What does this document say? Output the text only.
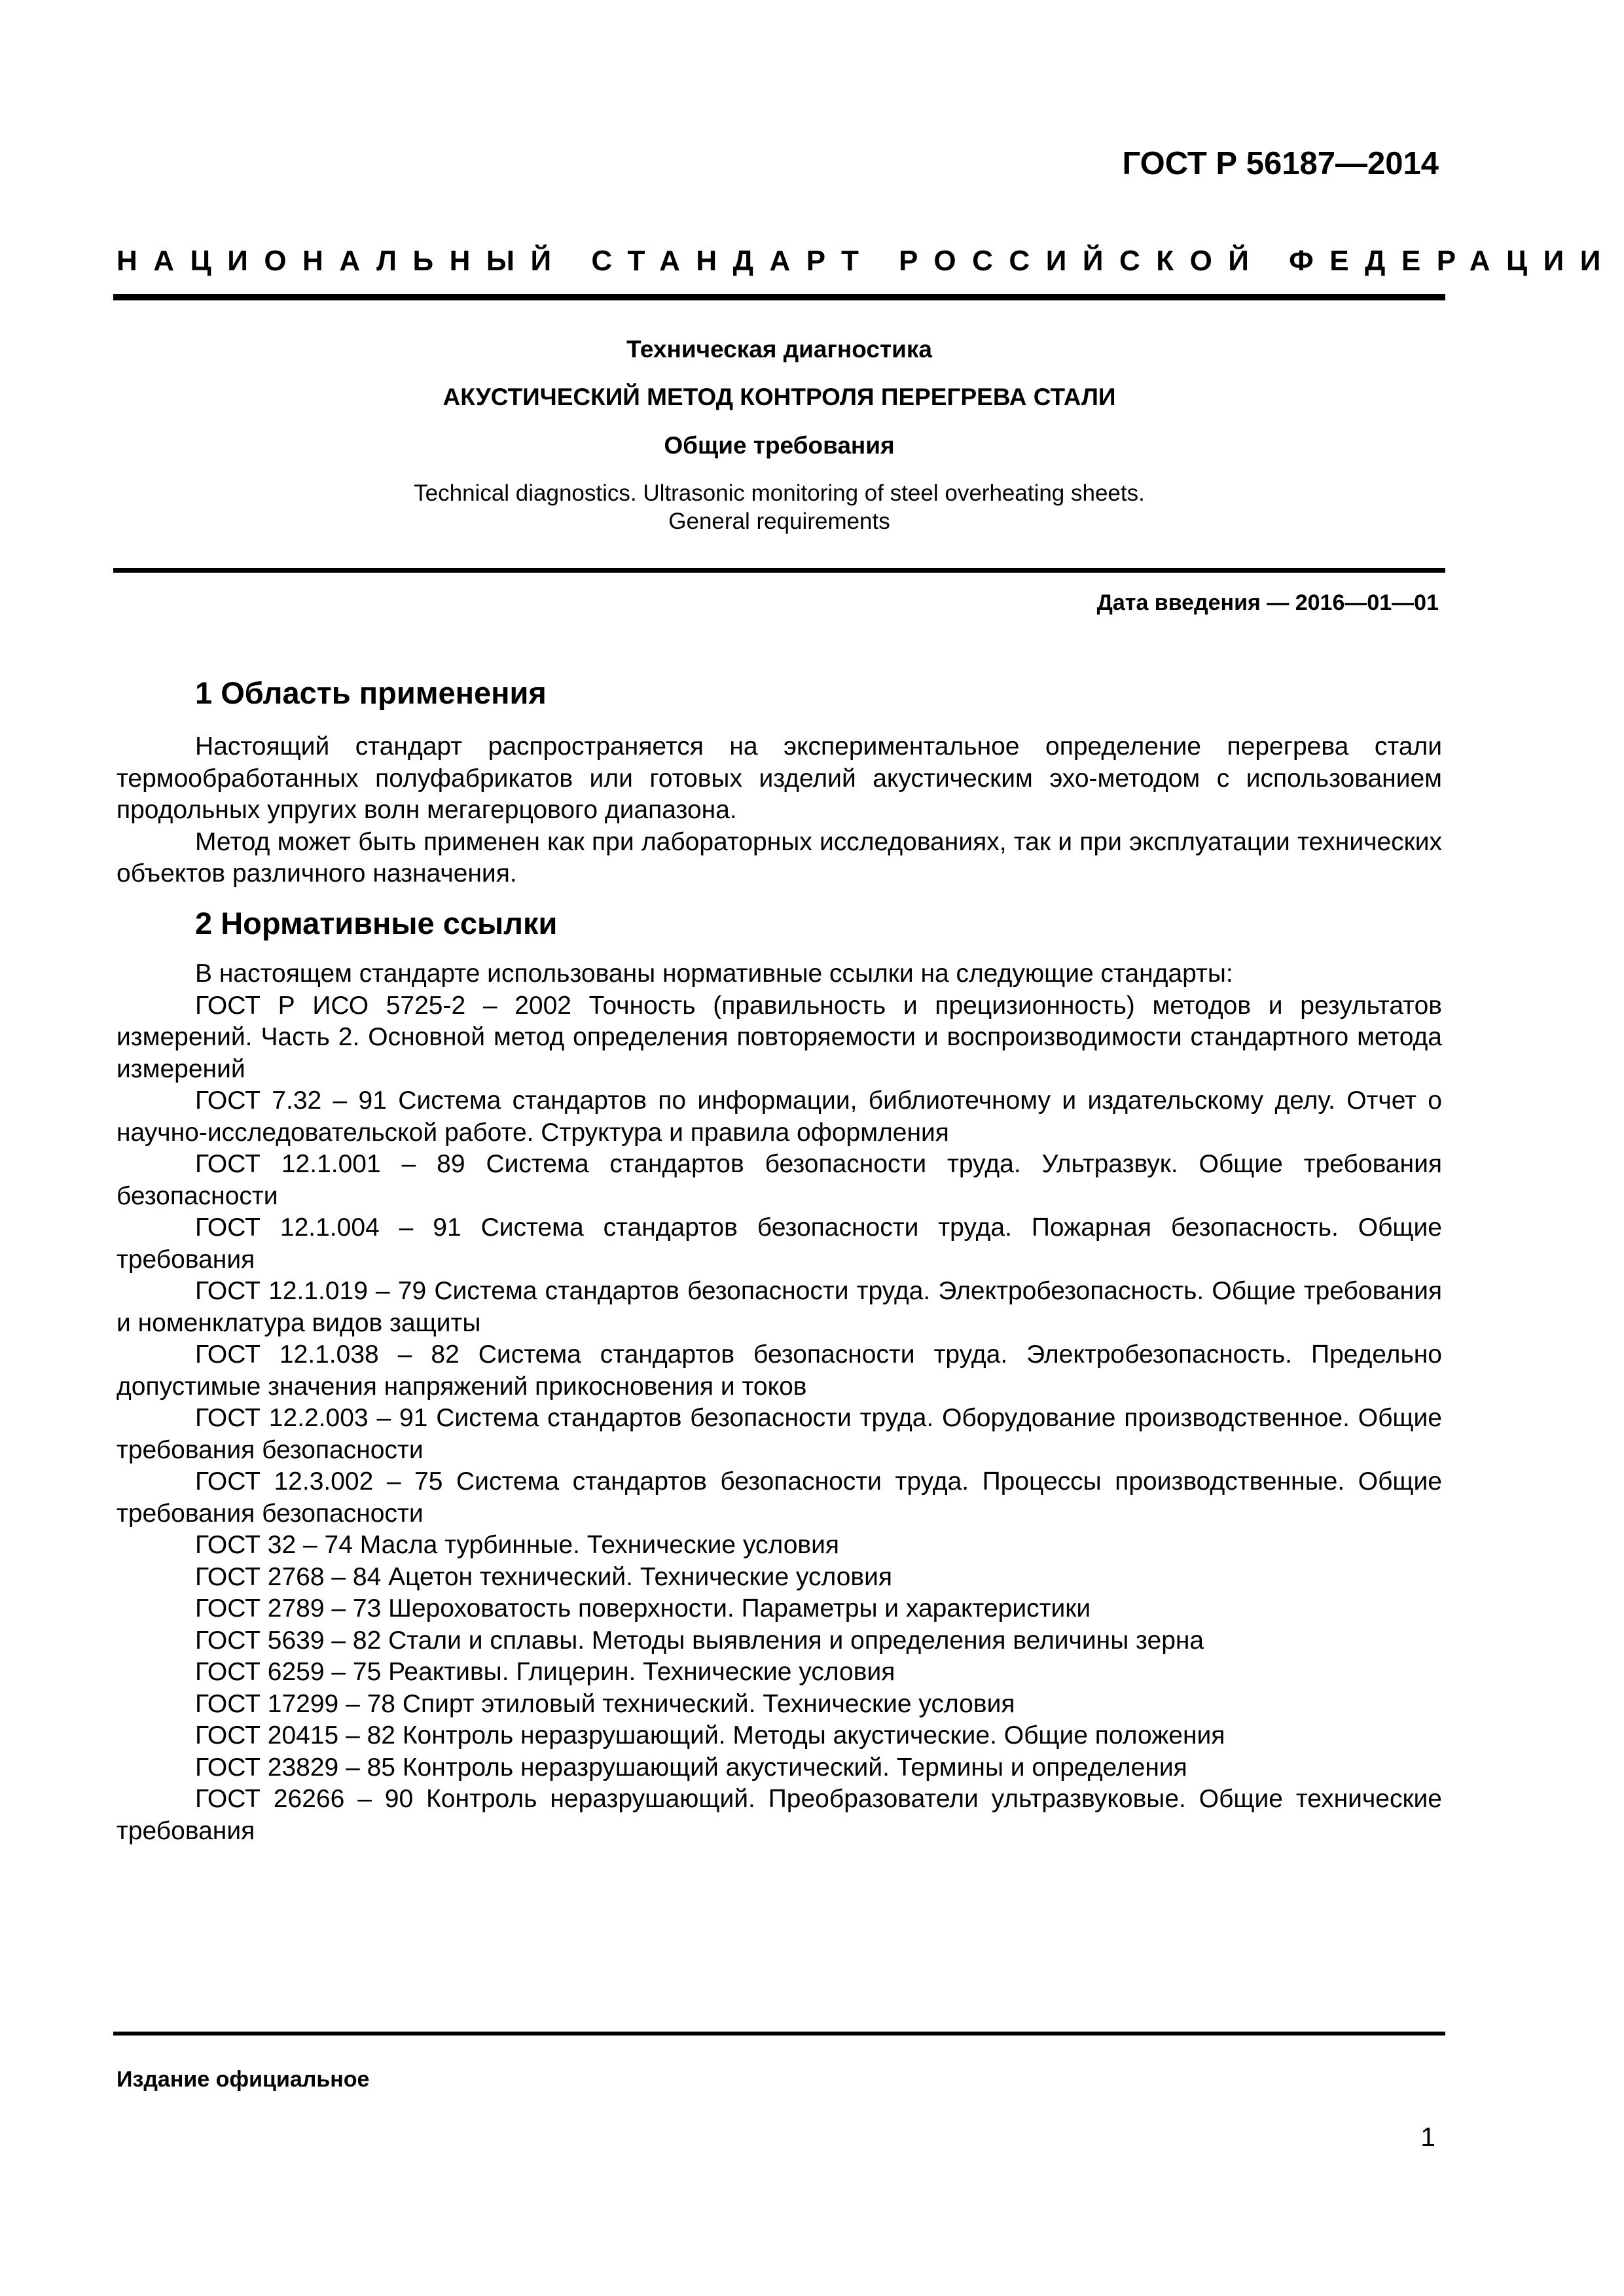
ГОСТ Р 56187—2014
НАЦИОНАЛЬНЫЙ СТАНДАРТ РОССИЙСКОЙ ФЕДЕРАЦИИ
Техническая диагностика
АКУСТИЧЕСКИЙ МЕТОД КОНТРОЛЯ ПЕРЕГРЕВА СТАЛИ
Общие требования
Technical diagnostics. Ultrasonic monitoring of steel overheating sheets.
General requirements
Дата введения — 2016—01—01
1 Область применения

Настоящий стандарт распространяется на экспериментальное определение перегрева стали термообработанных полуфабрикатов или готовых изделий акустическим эхо-методом с использованием продольных упругих волн мегагерцового диапазона.

Метод может быть применен как при лабораторных исследованиях, так и при эксплуатации технических объектов различного назначения.

2 Нормативные ссылки

В настоящем стандарте использованы нормативные ссылки на следующие стандарты:

ГОСТ Р ИСО 5725-2 – 2002 Точность (правильность и прецизионность) методов и результатов измерений. Часть 2. Основной метод определения повторяемости и воспроизводимости стандартного метода измерений

ГОСТ 7.32 – 91 Система стандартов по информации, библиотечному и издательскому делу. Отчет о научно-исследовательской работе. Структура и правила оформления

ГОСТ 12.1.001 – 89 Система стандартов безопасности труда. Ультразвук. Общие требования безопасности

ГОСТ 12.1.004 – 91 Система стандартов безопасности труда. Пожарная безопасность. Общие требования

ГОСТ 12.1.019 – 79 Система стандартов безопасности труда. Электробезопасность. Общие требования и номенклатура видов защиты

ГОСТ 12.1.038 – 82 Система стандартов безопасности труда. Электробезопасность. Предельно допустимые значения напряжений прикосновения и токов

ГОСТ 12.2.003 – 91 Система стандартов безопасности труда. Оборудование производственное. Общие требования безопасности

ГОСТ 12.3.002 – 75 Система стандартов безопасности труда. Процессы производственные. Общие требования безопасности

ГОСТ 32 – 74 Масла турбинные. Технические условия

ГОСТ 2768 – 84 Ацетон технический. Технические условия

ГОСТ 2789 – 73 Шероховатость поверхности. Параметры и характеристики

ГОСТ 5639 – 82 Стали и сплавы. Методы выявления и определения величины зерна

ГОСТ 6259 – 75 Реактивы. Глицерин. Технические условия

ГОСТ 17299 – 78 Спирт этиловый технический. Технические условия

ГОСТ 20415 – 82 Контроль неразрушающий. Методы акустические. Общие положения

ГОСТ 23829 – 85 Контроль неразрушающий акустический. Термины и определения

ГОСТ 26266 – 90 Контроль неразрушающий. Преобразователи ультразвуковые. Общие технические требования

Издание официальное
1
